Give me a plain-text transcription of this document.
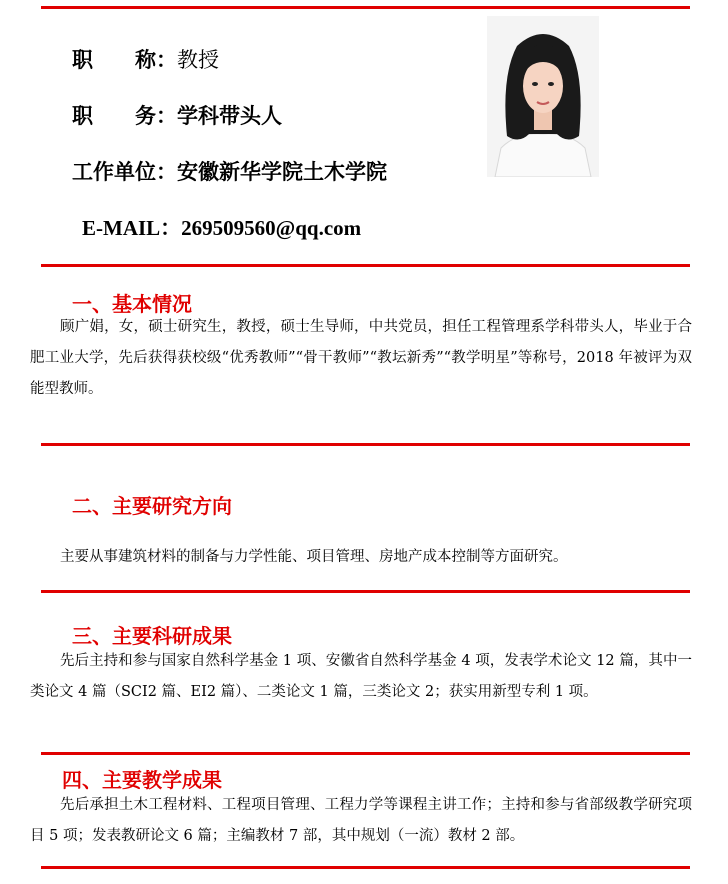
职　　称：教授
职　　务：学科带头人
工作单位：安徽新华学院土木学院
E-MAIL：269509560@qq.com
一、基本情况
顾广娟，女，硕士研究生，教授，硕士生导师，中共党员，担任工程管理系学科带头人，毕业于合肥工业大学，先后获得获校级“优秀教师”“骨干教师”“教坛新秀”“教学明星”等称号，2018 年被评为双能型教师。
二、主要研究方向
主要从事建筑材料的制备与力学性能、项目管理、房地产成本控制等方面研究。
三、主要科研成果
先后主持和参与国家自然科学基金 1 项、安徽省自然科学基金 4 项，发表学术论文 12 篇，其中一类论文 4 篇（SCI2 篇、EI2 篇）、二类论文 1 篇，三类论文 2；获实用新型专利 1 项。
四、主要教学成果
先后承担土木工程材料、工程项目管理、工程力学等课程主讲工作；主持和参与省部级教学研究项目 5 项；发表教研论文 6 篇；主编教材 7 部，其中规划（一流）教材 2 部。
